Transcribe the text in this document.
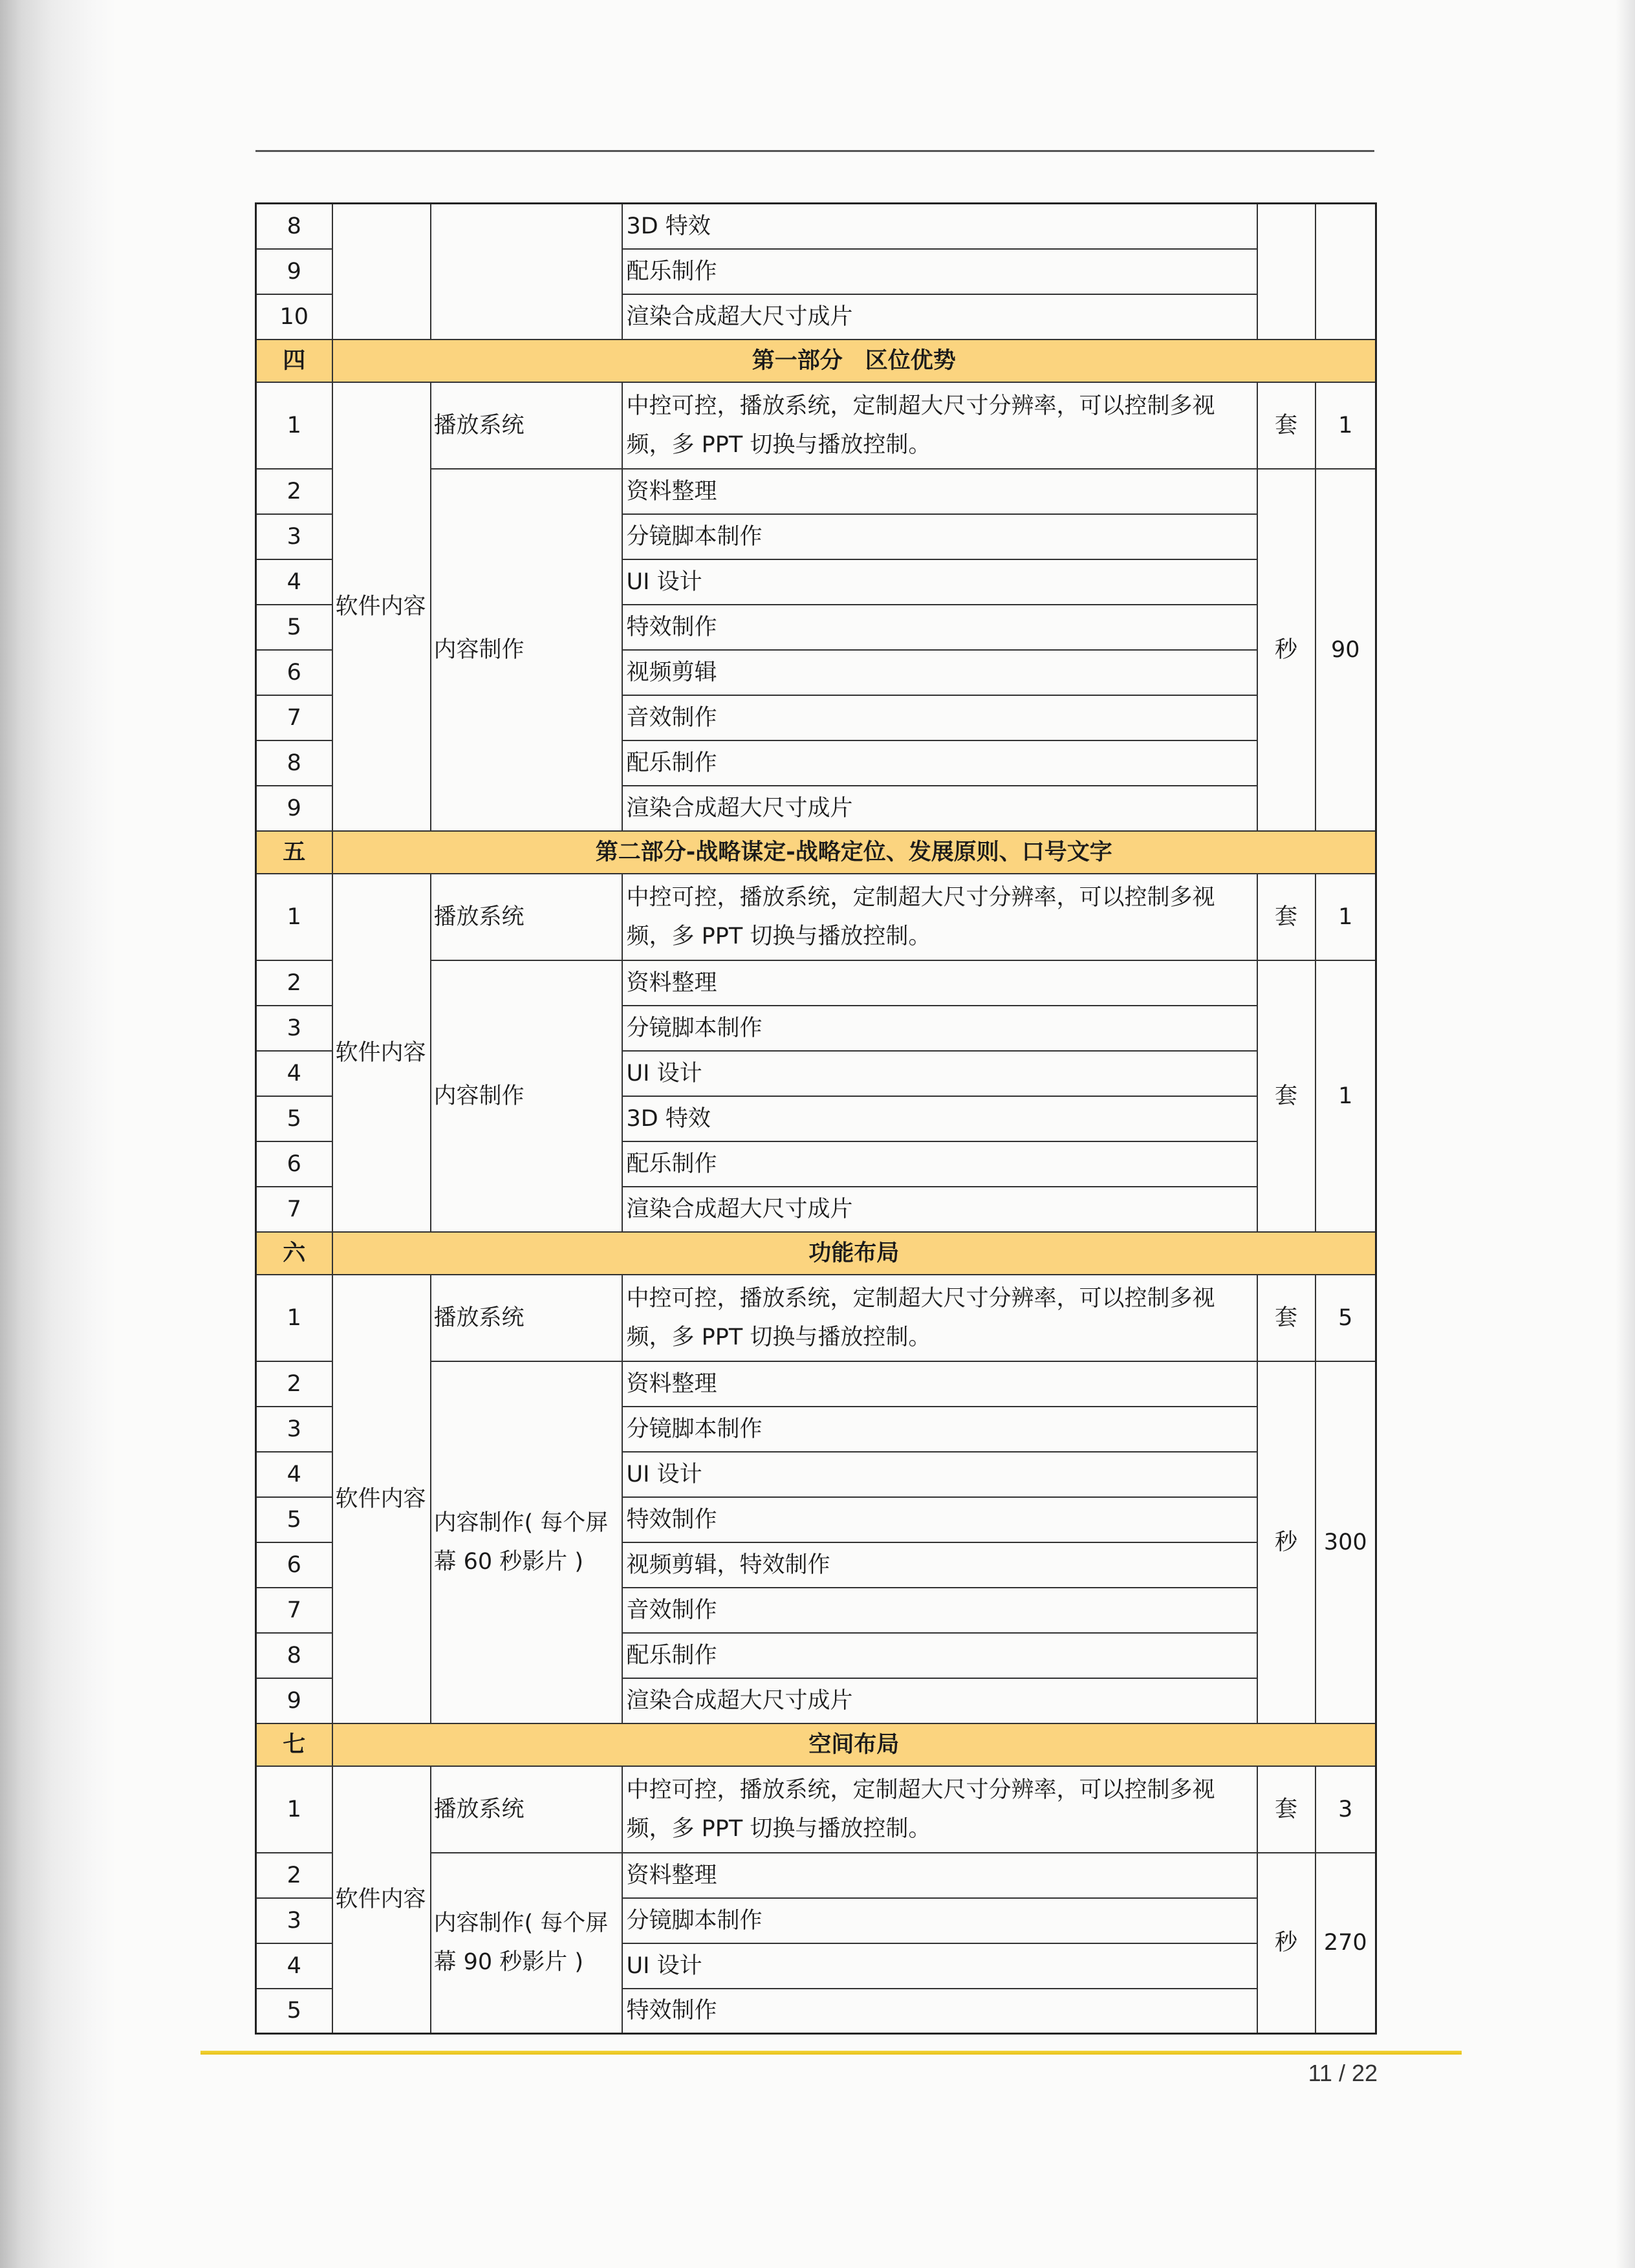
8			3D 特效		
9			配乐制作		
10			渲染合成超大尺寸成片		
四	第一部分　区位优势				
1	软件内容	播放系统	中控可控，播放系统，定制超大尺寸分辨率，可以控制多视频，多 PPT 切换与播放控制。	套	1
2		内容制作	资料整理	秒	90
3			分镜脚本制作		
4			UI 设计		
5			特效制作		
6			视频剪辑		
7			音效制作		
8			配乐制作		
9			渲染合成超大尺寸成片		
五	第二部分-战略谋定-战略定位、发展原则、口号文字				
1	软件内容	播放系统	中控可控，播放系统，定制超大尺寸分辨率，可以控制多视频，多 PPT 切换与播放控制。	套	1
2		内容制作	资料整理	套	1
3			分镜脚本制作		
4			UI 设计		
5			3D 特效		
6			配乐制作		
7			渲染合成超大尺寸成片		
六	功能布局				
1	软件内容	播放系统	中控可控，播放系统，定制超大尺寸分辨率，可以控制多视频，多 PPT 切换与播放控制。	套	5
2		内容制作( 每个屏幕 60 秒影片 )	资料整理	秒	300
3			分镜脚本制作		
4			UI 设计		
5			特效制作		
6			视频剪辑，特效制作		
7			音效制作		
8			配乐制作		
9			渲染合成超大尺寸成片		
七	空间布局				
1	软件内容	播放系统	中控可控，播放系统，定制超大尺寸分辨率，可以控制多视频，多 PPT 切换与播放控制。	套	3
2		内容制作( 每个屏幕 90 秒影片 )	资料整理	秒	270
3			分镜脚本制作		
4			UI 设计		
5			特效制作		
11 / 22
